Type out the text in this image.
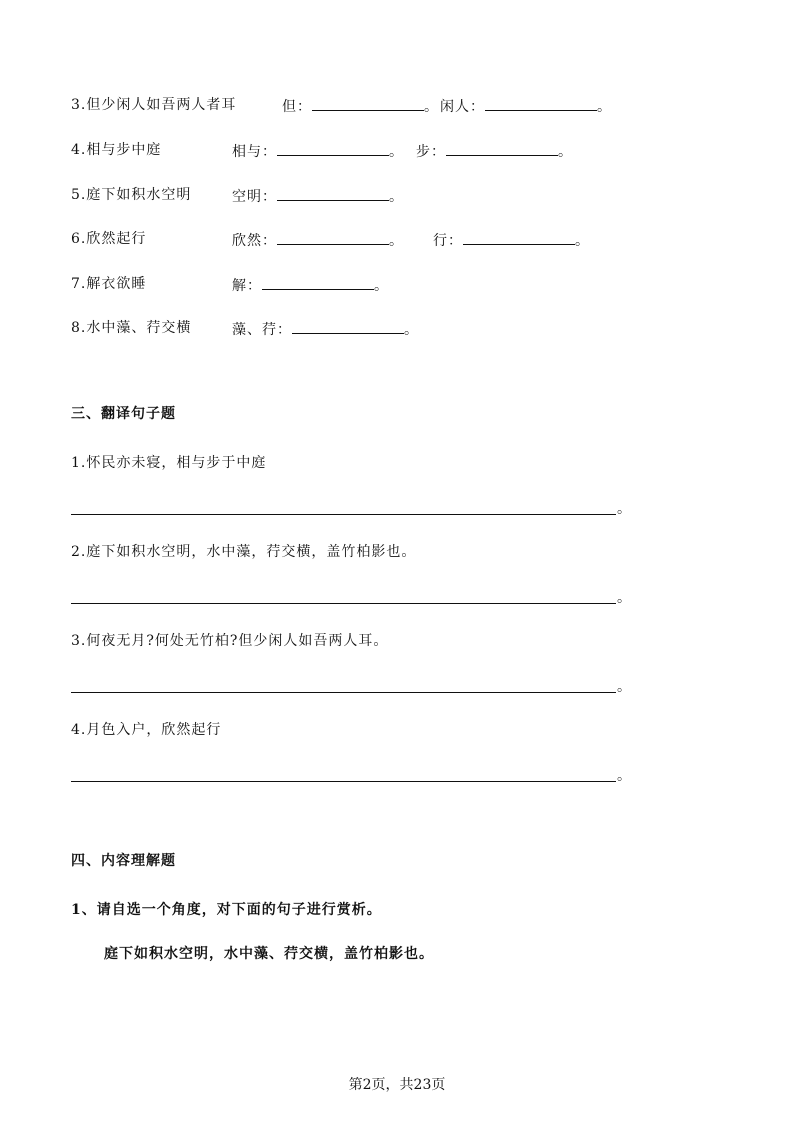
3.但少闲人如吾两人者耳	但：	。 闲人：	。
4.相与步中庭	相与：	。 步：	。
5.庭下如积水空明	空明：	。
6.欣然起行	欣然：	。 行：	。
7.解衣欲睡	解：	。
8.水中藻、荇交横	藻、荇：	。
三、翻译句子题
1.怀民亦未寝，相与步于中庭
。
2.庭下如积水空明，水中藻，荇交横，盖竹柏影也。
。
3.何夜无月?何处无竹柏?但少闲人如吾两人耳。
。
4.月色入户，欣然起行
。
四、内容理解题
1、请自选一个角度，对下面的句子进行赏析。
庭下如积水空明，水中藻、荇交横，盖竹柏影也。
第2页，共23页
